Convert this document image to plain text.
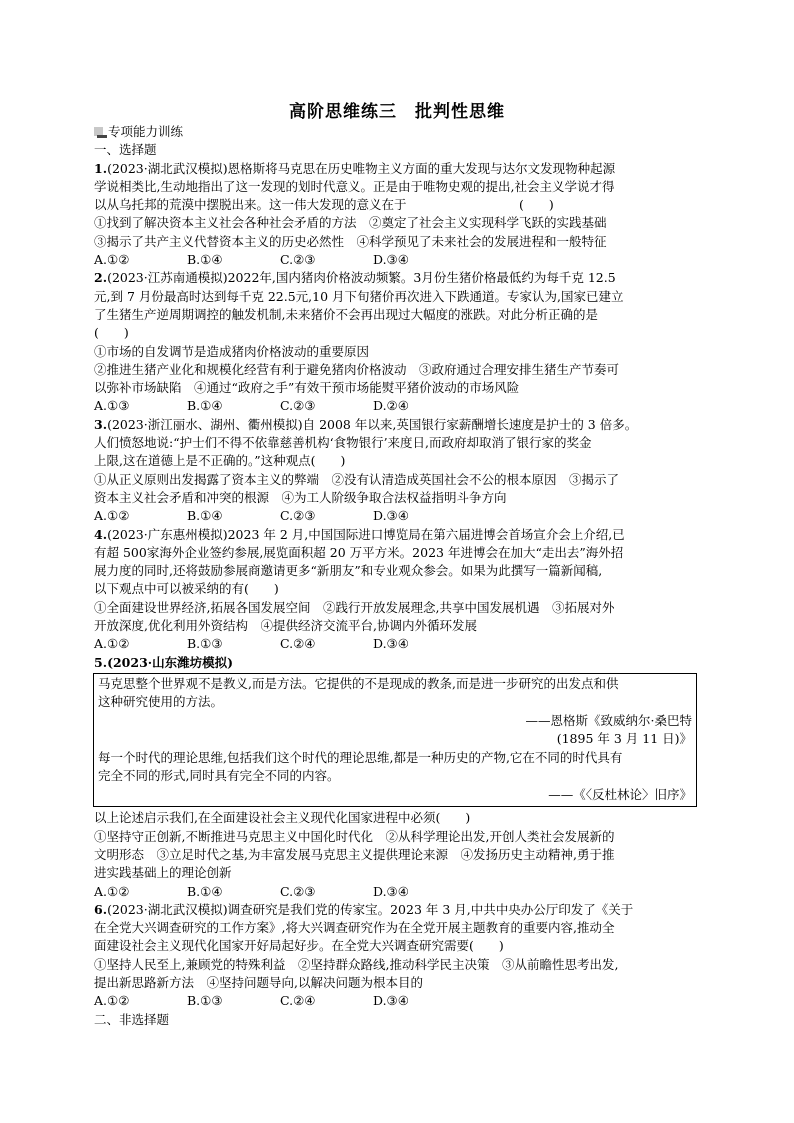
高阶思维练三　批判性思维
专项能力训练
一、选择题
1.(2023·湖北武汉模拟)恩格斯将马克思在历史唯物主义方面的重大发现与达尔文发现物种起源
学说相类比,生动地指出了这一发现的划时代意义。正是由于唯物史观的提出,社会主义学说才得
以从乌托邦的荒漠中摆脱出来。这一伟大发现的意义在于　　　　　　　　　(　　)
①找到了解决资本主义社会各种社会矛盾的方法　②奠定了社会主义实现科学飞跃的实践基础
③揭示了共产主义代替资本主义的历史必然性　④科学预见了未来社会的发展进程和一般特征
A.①②	B.①④	C.②③	D.③④
2.(2023·江苏南通模拟)2022年,国内猪肉价格波动频繁。3月份生猪价格最低约为每千克 12.5
元,到 7 月份最高时达到每千克 22.5元,10 月下旬猪价再次进入下跌通道。专家认为,国家已建立
了生猪生产逆周期调控的触发机制,未来猪价不会再出现过大幅度的涨跌。对此分析正确的是
(　　)
①市场的自发调节是造成猪肉价格波动的重要原因
②推进生猪产业化和规模化经营有利于避免猪肉价格波动　③政府通过合理安排生猪生产节奏可
以弥补市场缺陷　④通过“政府之手”有效干预市场能熨平猪价波动的市场风险
A.①③	B.①④	C.②③	D.②④
3.(2023·浙江丽水、湖州、衢州模拟)自 2008 年以来,英国银行家薪酬增长速度是护士的 3 倍多。
人们愤怒地说:“护士们不得不依靠慈善机构‘食物银行’来度日,而政府却取消了银行家的奖金
上限,这在道德上是不正确的。”这种观点(　　)
①从正义原则出发揭露了资本主义的弊端　②没有认清造成英国社会不公的根本原因　③揭示了
资本主义社会矛盾和冲突的根源　④为工人阶级争取合法权益指明斗争方向
A.①②	B.①④	C.②③	D.③④
4.(2023·广东惠州模拟)2023 年 2 月,中国国际进口博览局在第六届进博会首场宣介会上介绍,已
有超 500家海外企业签约参展,展览面积超 20 万平方米。2023 年进博会在加大“走出去”海外招
展力度的同时,还将鼓励参展商邀请更多“新朋友”和专业观众参会。如果为此撰写一篇新闻稿,
以下观点中可以被采纳的有(　　)
①全面建设世界经济,拓展各国发展空间　②践行开放发展理念,共享中国发展机遇　③拓展对外
开放深度,优化利用外资结构　④提供经济交流平台,协调内外循环发展
A.①②	B.①③	C.②④	D.③④
5.(2023·山东潍坊模拟)
马克思整个世界观不是教义,而是方法。它提供的不是现成的教条,而是进一步研究的出发点和供
这种研究使用的方法。
——恩格斯《致威纳尔·桑巴特
(1895 年 3 月 11 日)》
每一个时代的理论思维,包括我们这个时代的理论思维,都是一种历史的产物,它在不同的时代具有
完全不同的形式,同时具有完全不同的内容。
——《〈反杜林论〉旧序》
以上论述启示我们,在全面建设社会主义现代化国家进程中必须(　　)
①坚持守正创新,不断推进马克思主义中国化时代化　②从科学理论出发,开创人类社会发展新的
文明形态　③立足时代之基,为丰富发展马克思主义提供理论来源　④发扬历史主动精神,勇于推
进实践基础上的理论创新
A.①②	B.①④	C.②③	D.③④
6.(2023·湖北武汉模拟)调查研究是我们党的传家宝。2023 年 3 月,中共中央办公厅印发了《关于
在全党大兴调查研究的工作方案》,将大兴调查研究作为在全党开展主题教育的重要内容,推动全
面建设社会主义现代化国家开好局起好步。在全党大兴调查研究需要(　　)
①坚持人民至上,兼顾党的特殊利益　②坚持群众路线,推动科学民主决策　③从前瞻性思考出发,
提出新思路新方法　④坚持问题导向,以解决问题为根本目的
A.①②	B.①③	C.②④	D.③④
二、非选择题
